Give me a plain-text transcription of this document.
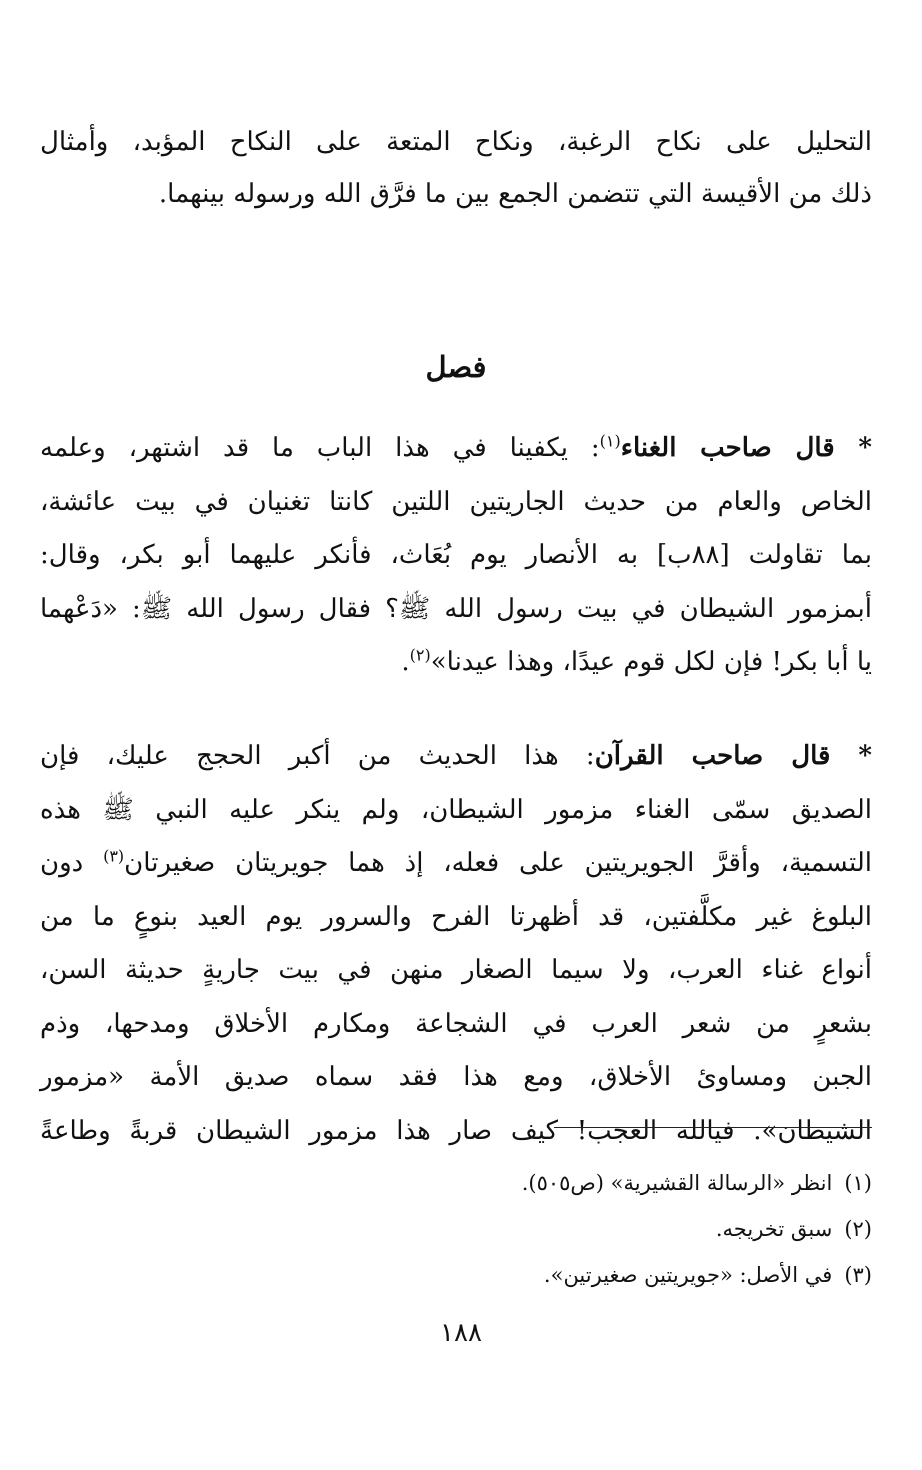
التحليل على نكاح الرغبة، ونكاح المتعة على النكاح المؤبد، وأمثال
ذلك من الأقيسة التي تتضمن الجمع بين ما فرَّق الله ورسوله بينهما.
فصل
* قال صاحب الغناء$^{(١)}$: يكفينا في هذا الباب ما قد اشتهر، وعلمه
الخاص والعام من حديث الجاريتين اللتين كانتا تغنيان في بيت عائشة،
بما تقاولت [٨٨ب] به الأنصار يوم بُعَاث، فأنكر عليهما أبو بكر، وقال:
أبمزمور الشيطان في بيت رسول الله ﷺ؟ فقال رسول الله ﷺ: «دَعْهما
يا أبا بكر! فإن لكل قوم عيدًا، وهذا عيدنا»$^{(٢)}$.
* قال صاحب القرآن: هذا الحديث من أكبر الحجج عليك، فإن
الصديق سمّى الغناء مزمور الشيطان، ولم ينكر عليه النبي ﷺ هذه
التسمية، وأقرَّ الجويريتين على فعله، إذ هما جويريتان صغيرتان$^{(٣)}$ دون
البلوغ غير مكلَّفتين، قد أظهرتا الفرح والسرور يوم العيد بنوعٍ ما من
أنواع غناء العرب، ولا سيما الصغار منهن في بيت جاريةٍ حديثة السن،
بشعرٍ من شعر العرب في الشجاعة ومكارم الأخلاق ومدحها، وذم
الجبن ومساوئ الأخلاق، ومع هذا فقد سماه صديق الأمة «مزمور
الشيطان». فيالله العجب! كيف صار هذا مزمور الشيطان قربةً وطاعةً
(١)انظر «الرسالة القشيرية» (ص٥٠٥).
(٢)سبق تخريجه.
(٣)في الأصل: «جويريتين صغيرتين».
١٨٨
